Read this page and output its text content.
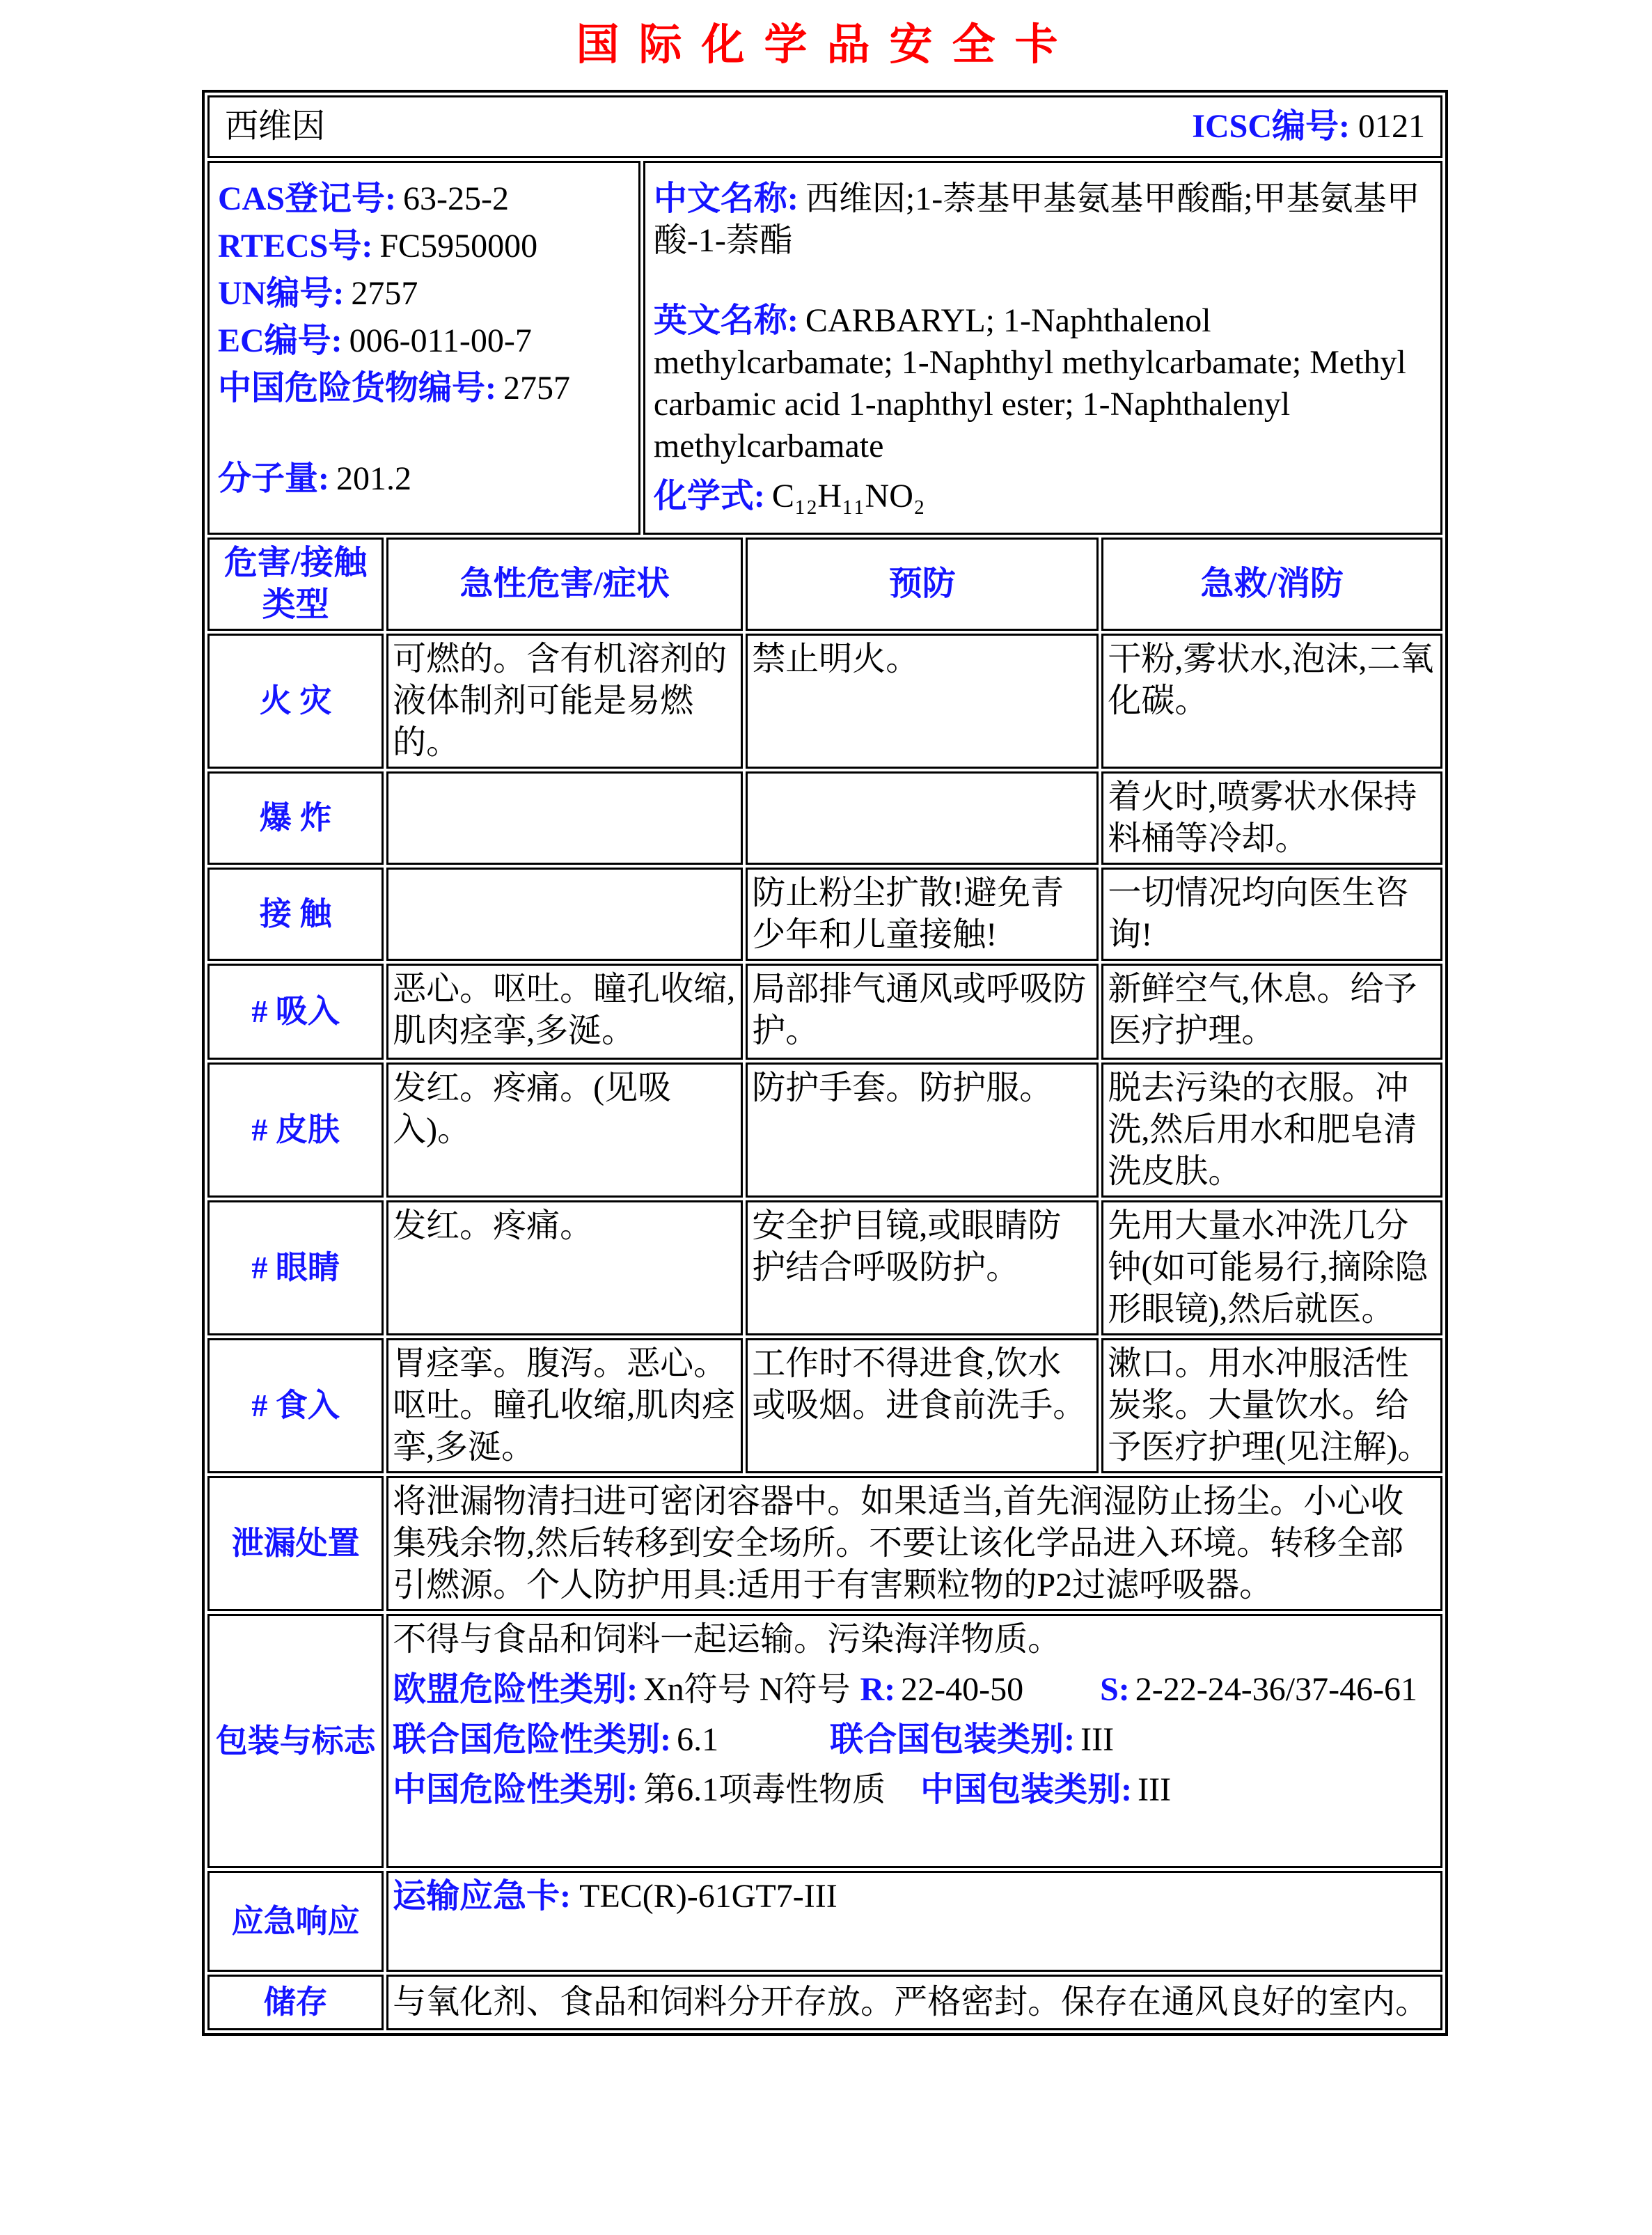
国际化学品安全卡
西维因 ICSC编号: 0121				

CAS登记号: 63-25-2

RTECS号: FC5950000

UN编号: 2757

EC编号: 006-011-00-7

中国危险货物编号: 2757

分子量: 201.2

中文名称: 西维因;1-萘基甲基氨基甲酸酯;甲基氨基甲酸-1-萘酯

英文名称: CARBARYL; 1-Naphthalenol methylcarbamate; 1-Naphthyl methylcarbamate; Methyl carbamic acid 1-naphthyl ester; 1-Naphthalenyl methylcarbamate

化学式: C₁₂H₁₁NO₂

危害/接触 类型	急性危害/症状		预防	急救/消防
火 灾	可燃的。含有机溶剂的液体制剂可能是易燃的。		禁止明火。	干粉,雾状水,泡沫,二氧化碳。
爆 炸				着火时,喷雾状水保持料桶等冷却。
接 触			防止粉尘扩散!避免青少年和儿童接触!	一切情况均向医生咨询!
# 吸入	恶心。呕吐。瞳孔收缩,肌肉痉挛,多涎。		局部排气通风或呼吸防护。	新鲜空气,休息。给予医疗护理。
# 皮肤	发红。疼痛。(见吸入)。		防护手套。防护服。	脱去污染的衣服。冲洗,然后用水和肥皂清洗皮肤。
# 眼睛	发红。疼痛。		安全护目镜,或眼睛防护结合呼吸防护。	先用大量水冲洗几分钟(如可能易行,摘除隐形眼镜),然后就医。
# 食入	胃痉挛。腹泻。恶心。呕吐。瞳孔收缩,肌肉痉挛,多涎。		工作时不得进食,饮水或吸烟。进食前洗手。	漱口。用水冲服活性炭浆。大量饮水。给予医疗护理(见注解)。
泄漏处置	将泄漏物清扫进可密闭容器中。如果适当,首先润湿防止扬尘。小心收集残余物,然后转移到安全场所。不要让该化学品进入环境。转移全部引燃源。个人防护用具:适用于有害颗粒物的P2过滤呼吸器。			
包装与标志	不得与食品和饲料一起运输。污染海洋物质。

欧盟危险性类别: Xn符号 N符号 R: 22-40-50 S: 2-22-24-36/37-46-61

联合国危险性类别: 6.1 联合国包装类别: III

中国危险性类别: 第6.1项毒性物质 中国包装类别: III			

应急响应	运输应急卡: TEC(R)-61GT7-III			

储存	与氧化剂、食品和饲料分开存放。严格密封。保存在通风良好的室内。			
